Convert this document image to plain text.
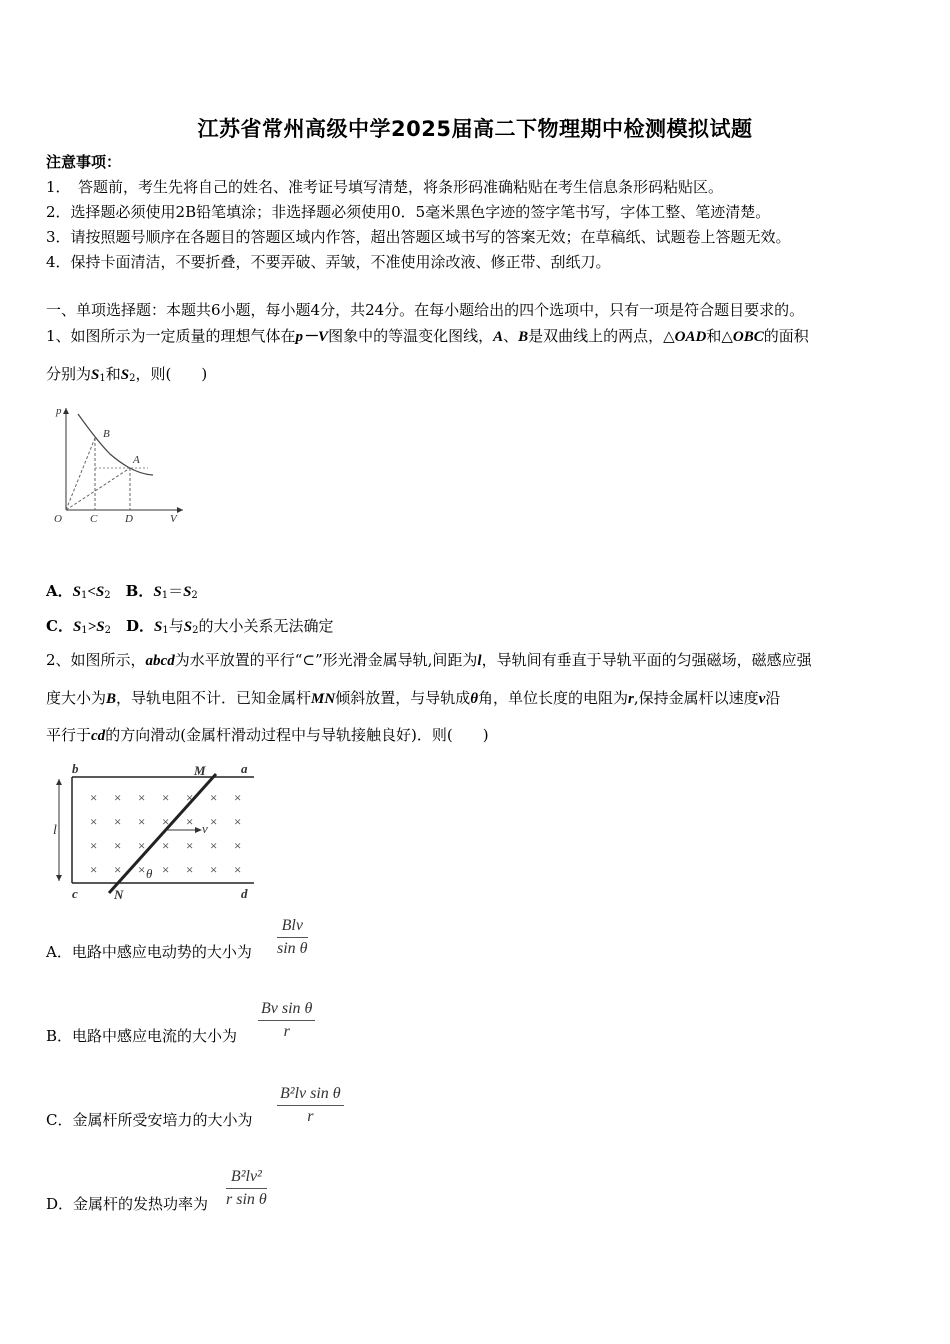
江苏省常州高级中学2025届高二下物理期中检测模拟试题
注意事项：
1．　答题前，考生先将自己的姓名、准考证号填写清楚，将条形码准确粘贴在考生信息条形码粘贴区。
2．选择题必须使用2B铅笔填涂；非选择题必须使用0．5毫米黑色字迹的签字笔书写，字体工整、笔迹清楚。
3．请按照题号顺序在各题目的答题区域内作答，超出答题区域书写的答案无效；在草稿纸、试题卷上答题无效。
4．保持卡面清洁，不要折叠，不要弄破、弄皱，不准使用涂改液、修正带、刮纸刀。
一、单项选择题：本题共6小题，每小题4分，共24分。在每小题给出的四个选项中，只有一项是符合题目要求的。
1、如图所示为一定质量的理想气体在p－V图象中的等温变化图线，A、B是双曲线上的两点，△OAD和△OBC的面积
分别为$S_1$和$S_2$，则(　　)
p
V
O	C	D
B
A
A．$S_1<S_2$　 B．$S_1=S_2$
C．$S_1>S_2$　 D．$S_1$与$S_2$的大小关系无法确定
2、如图所示，abcd为水平放置的平行“⊂”形光滑金属导轨,间距为l，导轨间有垂直于导轨平面的匀强磁场，磁感应强
度大小为B，导轨电阻不计．已知金属杆MN倾斜放置，与导轨成θ角，单位长度的电阻为r,保持金属杆以速度v沿
平行于cd的方向滑动(金属杆滑动过程中与导轨接触良好)．则(　　)
× × × × × × ×
× × × × × × ×
× × × × × × ×
× × × × × × ×
v
θ
b	a
c	d
M
N
l
A．电路中感应电动势的大小为
Blv
sin θ
B．电路中感应电流的大小为
Bv sin θ
r
C．金属杆所受安培力的大小为
B²lv sin θ
r
D．金属杆的发热功率为
B²lv²
r sin θ
